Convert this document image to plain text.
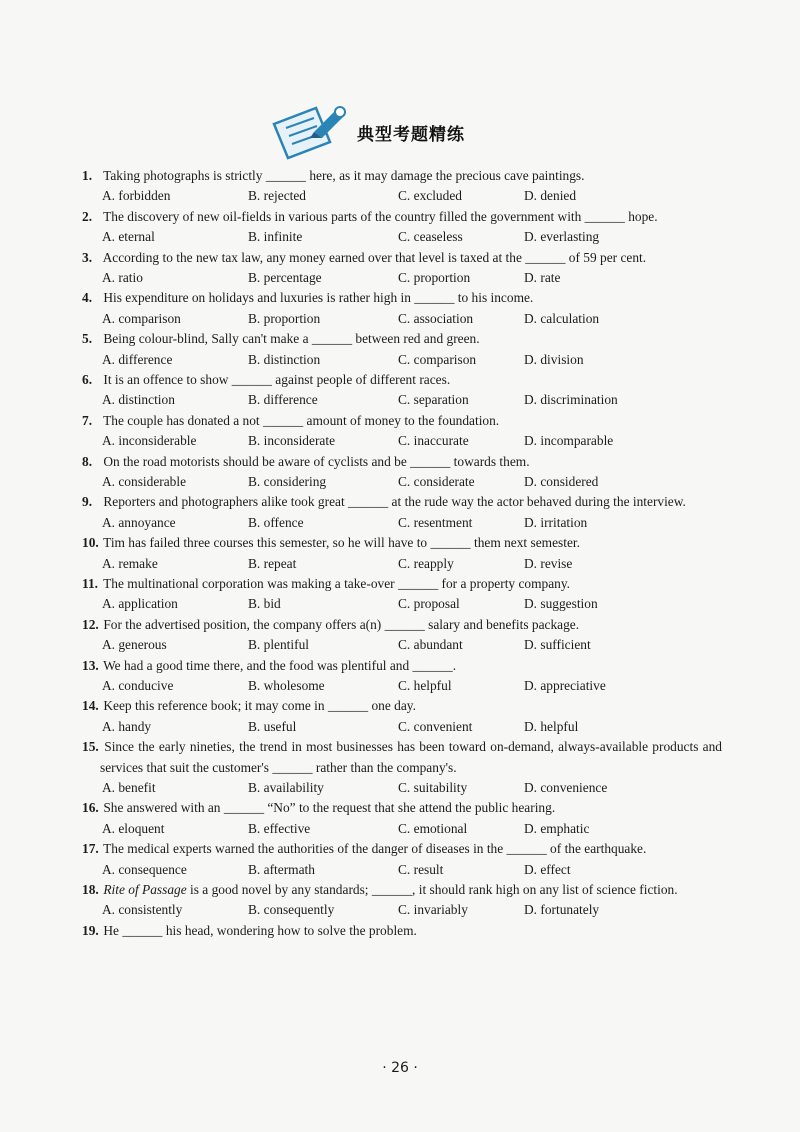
典型考题精练
1. Taking photographs is strictly ______ here, as it may damage the precious cave paintings.
A. forbidden	B. rejected	C. excluded	D. denied
2. The discovery of new oil-fields in various parts of the country filled the government with ______ hope.
A. eternal	B. infinite	C. ceaseless	D. everlasting
3. According to the new tax law, any money earned over that level is taxed at the ______ of 59 per cent.
A. ratio	B. percentage	C. proportion	D. rate
4. His expenditure on holidays and luxuries is rather high in ______ to his income.
A. comparison	B. proportion	C. association	D. calculation
5. Being colour-blind, Sally can't make a ______ between red and green.
A. difference	B. distinction	C. comparison	D. division
6. It is an offence to show ______ against people of different races.
A. distinction	B. difference	C. separation	D. discrimination
7. The couple has donated a not ______ amount of money to the foundation.
A. inconsiderable	B. inconsiderate	C. inaccurate	D. incomparable
8. On the road motorists should be aware of cyclists and be ______ towards them.
A. considerable	B. considering	C. considerate	D. considered
9. Reporters and photographers alike took great ______ at the rude way the actor behaved during the interview.
A. annoyance	B. offence	C. resentment	D. irritation
10. Tim has failed three courses this semester, so he will have to ______ them next semester.
A. remake	B. repeat	C. reapply	D. revise
11. The multinational corporation was making a take-over ______ for a property company.
A. application	B. bid	C. proposal	D. suggestion
12. For the advertised position, the company offers a(n) ______ salary and benefits package.
A. generous	B. plentiful	C. abundant	D. sufficient
13. We had a good time there, and the food was plentiful and ______.
A. conducive	B. wholesome	C. helpful	D. appreciative
14. Keep this reference book; it may come in ______ one day.
A. handy	B. useful	C. convenient	D. helpful
15. Since the early nineties, the trend in most businesses has been toward on-demand, always-available products and services that suit the customer's ______ rather than the company's.
A. benefit	B. availability	C. suitability	D. convenience
16. She answered with an ______ “No” to the request that she attend the public hearing.
A. eloquent	B. effective	C. emotional	D. emphatic
17. The medical experts warned the authorities of the danger of diseases in the ______ of the earthquake.
A. consequence	B. aftermath	C. result	D. effect
18. Rite of Passage is a good novel by any standards; ______, it should rank high on any list of science fiction.
A. consistently	B. consequently	C. invariably	D. fortunately
19. He ______ his head, wondering how to solve the problem.
· 26 ·
